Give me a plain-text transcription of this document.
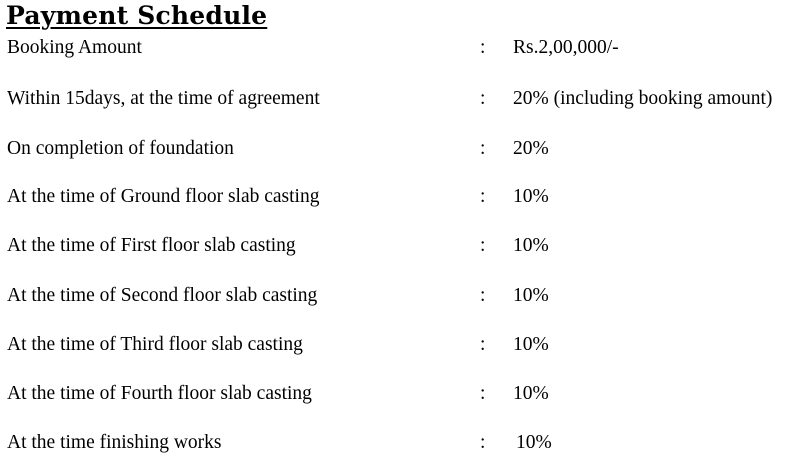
Payment Schedule
Booking Amount	: Rs.2,00,000/-
Within 15days, at the time of agreement	: 20% (including booking amount)
On completion of foundation	: 20%
At the time of Ground floor slab casting	: 10%
At the time of First floor slab casting	: 10%
At the time of Second floor slab casting	: 10%
At the time of Third floor slab casting	: 10%
At the time of Fourth floor slab casting	: 10%
At the time finishing works	: 10%
